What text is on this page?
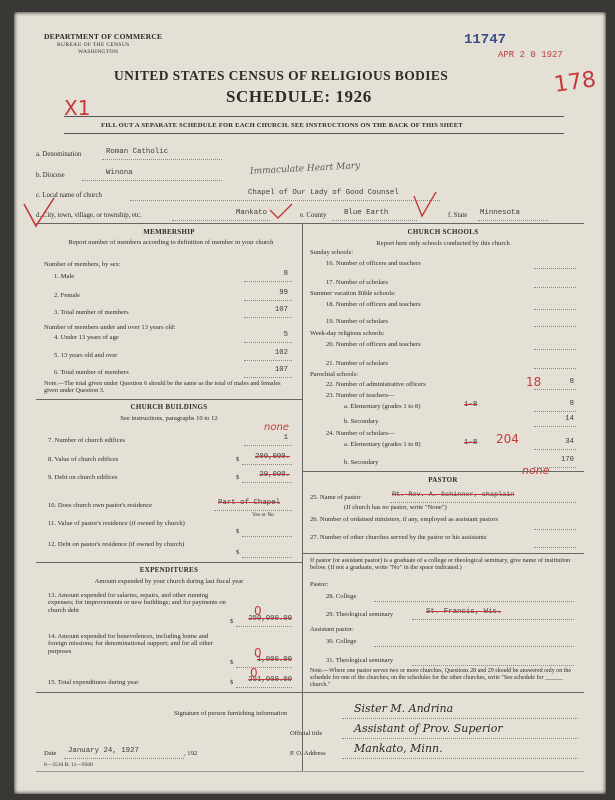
DEPARTMENT OF COMMERCE
BUREAU OF THE CENSUS
WASHINGTON
11747
APR 2 0 1927
UNITED STATES CENSUS OF RELIGIOUS BODIES
SCHEDULE: 1926
X1
178
FILL OUT A SEPARATE SCHEDULE FOR EACH CHURCH. SEE INSTRUCTIONS ON THE BACK OF THIS SHEET
a. Denomination	Roman Catholic
b. Diocese	Winona	Immaculate Heart Mary
c. Local name of church	Chapel of Our Lady of Good Counsel
d. City, town, village, or township, etc.	Mankato	e. County Blue Earth	f. State Minnesota
MEMBERSHIP
Report number of members according to definition of member in your church
Number of members, by sex:
1. Male	8
2. Female	99
3. Total number of members	107
Number of members under and over 13 years old:
4. Under 13 years of age	5
5. 13 years old and over	102
6. Total number of members	107
Note.—The total given under Question 6 should be the same as the total of males and females given under Question 3.
CHURCH BUILDINGS
See instructions, paragraphs 10 to 12
7. Number of church edifices	1
none
8. Value of church edifices	$	200,000.
9. Debt on church edifices	$	29,000.
10. Does church own pastor's residence	Part of Chapel
Yes or No
11. Value of pastor's residence (if owned by church)
$
12. Debt on pastor's residence (if owned by church)
$
EXPENDITURES
Amount expended by your church during last fiscal year
13. Amount expended for salaries, repairs, and other running expenses; for improvements or new buildings; and for payments on church debt
$	250,000.00
0
14. Amount expended for benevolences, including home and foreign missions; for denominational support; and for all other purposes
$	1,000.00
0
15. Total expenditures during year	$	251,000.00
0
CHURCH SCHOOLS
Report here only schools conducted by this church
Sunday schools:
16. Number of officers and teachers
17. Number of scholars
Summer vacation Bible schools:
18. Number of officers and teachers
19. Number of scholars
Week-day religious schools:
20. Number of officers and teachers
21. Number of scholars
Parochial schools:
22. Number of administrative officers	8
18
23. Number of teachers—
a. Elementary (grades 1 to 8)	1-8	8
b. Secondary	14
24. Number of scholars—
a. Elementary (grades 1 to 8)	1-8 204	34
b. Secondary	170
PASTOR
none
25. Name of pastor	Rt. Rev. A. Schinner, chaplain
(If church has no pastor, write "None")
26. Number of ordained ministers, if any, employed as assistant pastors
27. Number of other churches served by the pastor or his assistants
If pastor (or assistant pastor) is a graduate of a college or theological seminary, give name of institution below. (If not a graduate, write "No" in the space indicated.)
Pastor:
28. College
29. Theological seminary	St. Francis, Wis.
Assistant pastor:
30. College
31. Theological seminary
Note.—Where one pastor serves two or more churches, Questions 28 and 29 should be answered only on the schedule for one of the churches; on the schedules for the other churches, write "See schedule for ______ church."
Signature of person furnishing information	Sister M. Andrina
Official title	Assistant of Prov. Superior
Date January 24, 1927	, 192	P. O. Address	Mankato, Minn.
8—3510 B. 11—9500
